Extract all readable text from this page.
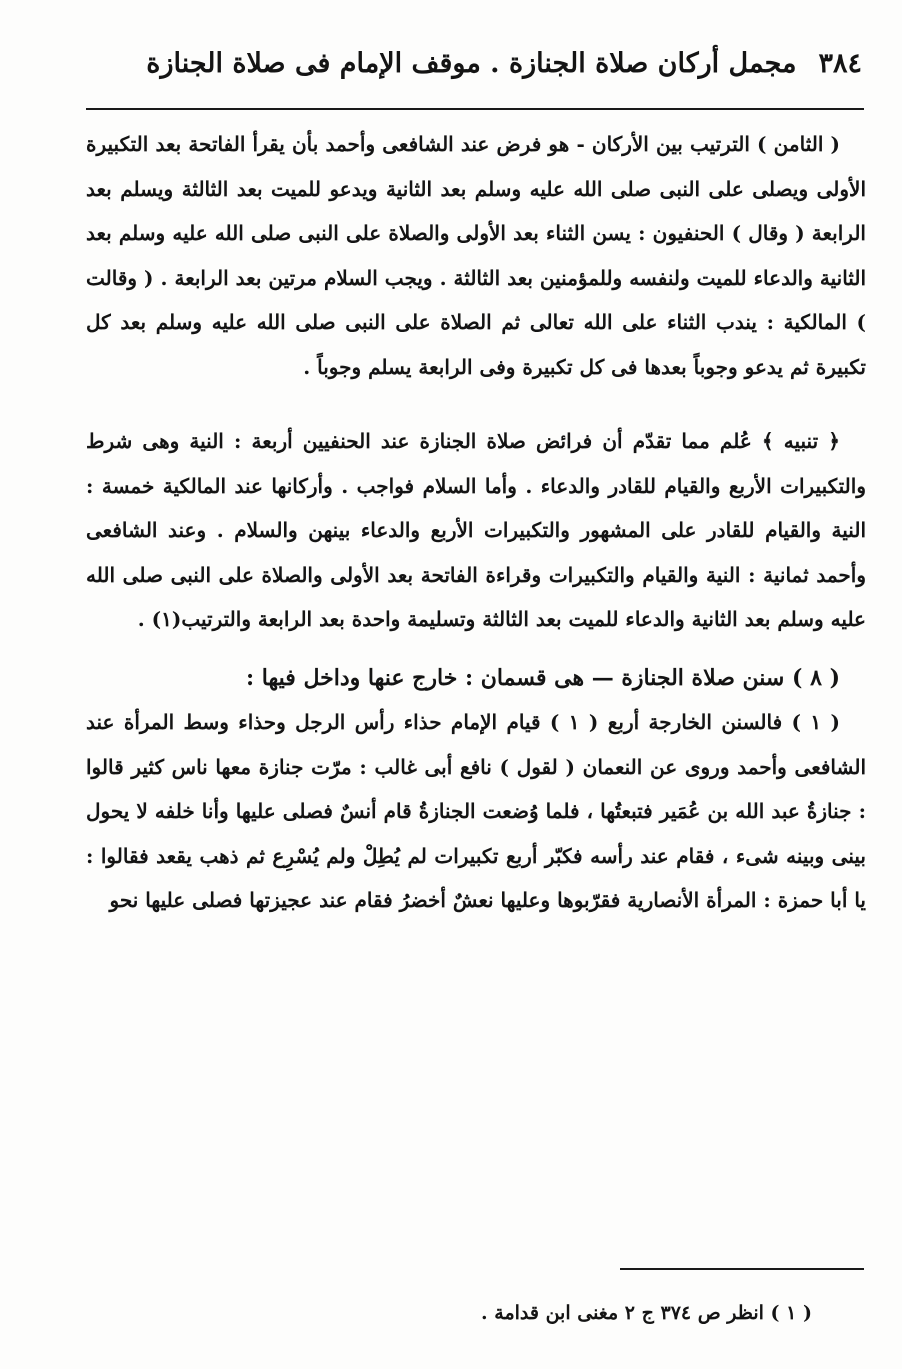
٣٨٤
مجمل أركان صلاة الجنازة . موقف الإمام فى صلاة الجنازة

( الثامن ) الترتيب بين الأركان - هو فرض عند الشافعى وأحمد بأن يقرأ الفاتحة بعد التكبيرة الأولى ويصلى على النبى صلى الله عليه وسلم بعد الثانية ويدعو للميت بعد الثالثة ويسلم بعد الرابعة ( وقال ) الحنفيون : يسن الثناء بعد الأولى والصلاة على النبى صلى الله عليه وسلم بعد الثانية والدعاء للميت ولنفسه وللمؤمنين بعد الثالثة . ويجب السلام مرتين بعد الرابعة . ( وقالت ) المالكية : يندب الثناء على الله تعالى ثم الصلاة على النبى صلى الله عليه وسلم بعد كل تكبيرة ثم يدعو وجوباً بعدها فى كل تكبيرة وفى الرابعة يسلم وجوباً .

﴿ تنبيه ﴾ عُلم مما تقدّم أن فرائض صلاة الجنازة عند الحنفيين أربعة : النية وهى شرط والتكبيرات الأربع والقيام للقادر والدعاء . وأما السلام فواجب . وأركانها عند المالكية خمسة : النية والقيام للقادر على المشهور والتكبيرات الأربع والدعاء بينهن والسلام . وعند الشافعى وأحمد ثمانية : النية والقيام والتكبيرات وقراءة الفاتحة بعد الأولى والصلاة على النبى صلى الله عليه وسلم بعد الثانية والدعاء للميت بعد الثالثة وتسليمة واحدة بعد الرابعة والترتيب(١) .

( ٨ ) سنن صلاة الجنازة — هى قسمان : خارج عنها وداخل فيها :

( ١ ) فالسنن الخارجة أربع ( ١ ) قيام الإمام حذاء رأس الرجل وحذاء وسط المرأة عند الشافعى وأحمد وروى عن النعمان ( لقول ) نافع أبى غالب : مرّت جنازة معها ناس كثير قالوا : جنازةُ عبد الله بن عُمَير فتبعتُها ، فلما وُضعت الجنازةُ قام أنسٌ فصلى عليها وأنا خلفه لا يحول بينى وبينه شىء ، فقام عند رأسه فكبّر أربع تكبيرات لم يُطِلْ ولم يُسْرِع ثم ذهب يقعد فقالوا : يا أبا حمزة : المرأة الأنصارية فقرّبوها وعليها نعشٌ أخضرُ فقام عند عجيزتها فصلى عليها نحو

( ١ ) انظر ص ٣٧٤ ج ٢ مغنى ابن قدامة .
